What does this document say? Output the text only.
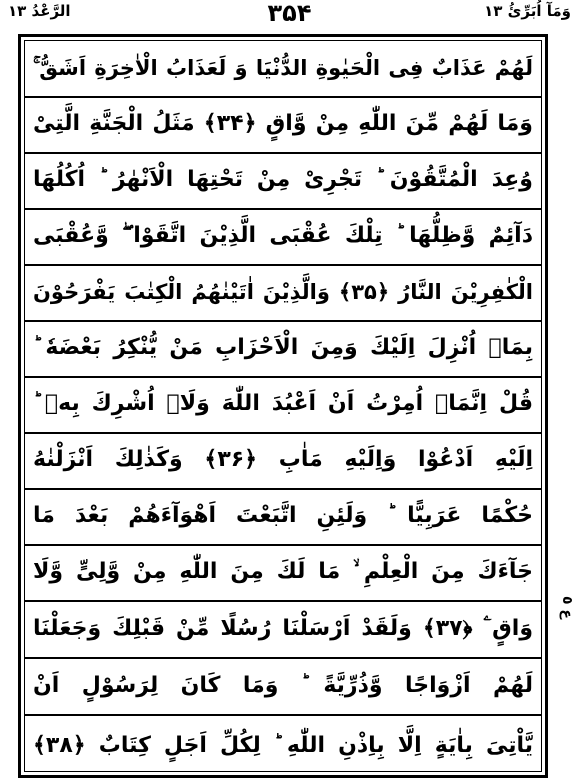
الرَّعْدُ ۱۳	۳۵۴	وَمَآ اُبَرِّئُ ۱۳
لَهُمْ عَذَابٌ فِى الْحَيٰوةِ الدُّنْيَا وَ لَعَذَابُ الْاٰخِرَةِ اَشَقُّ ۚ
وَمَا لَهُمْ مِّنَ اللّٰهِ مِنْ وَّاقٍ ﴿۳۴﴾ مَثَلُ الْجَنَّةِ الَّتِىْ
وُعِدَ الْمُتَّقُوْنَ ؕ تَجْرِىْ مِنْ تَحْتِهَا الْاَنْهٰرُ ؕ اُكُلُهَا
دَآئِمٌ وَّظِلُّهَا ؕ تِلْكَ عُقْبَى الَّذِيْنَ اتَّقَوْا ۖ وَّعُقْبَى
الْكٰفِرِيْنَ النَّارُ ﴿۳۵﴾ وَالَّذِيْنَ اٰتَيْنٰهُمُ الْكِتٰبَ يَفْرَحُوْنَ
بِمَاۤ اُنْزِلَ اِلَيْكَ وَمِنَ الْاَحْزَابِ مَنْ يُّنْكِرُ بَعْضَهٗ ؕ
قُلْ اِنَّمَاۤ اُمِرْتُ اَنْ اَعْبُدَ اللّٰهَ وَلَاۤ اُشْرِكَ بِهٖ ؕ
اِلَيْهِ اَدْعُوْا وَاِلَيْهِ مَاٰبِ ﴿۳۶﴾ وَكَذٰلِكَ اَنْزَلْنٰهُ
حُكْمًا عَرَبِيًّا ؕ وَلَئِنِ اتَّبَعْتَ اَهْوَآءَهُمْ بَعْدَ مَا
جَآءَكَ مِنَ الْعِلْمِ ۙ مَا لَكَ مِنَ اللّٰهِ مِنْ وَّلِىٍّ وَّلَا
وَاقٍ ۧ ﴿۳۷﴾ وَلَقَدْ اَرْسَلْنَا رُسُلًا مِّنْ قَبْلِكَ وَجَعَلْنَا
لَهُمْ اَزْوَاجًا وَّذُرِّيَّةً ؕ وَمَا كَانَ لِرَسُوْلٍ اَنْ
يَّاْتِىَ بِاٰيَةٍ اِلَّا بِاِذْنِ اللّٰهِ ؕ لِكُلِّ اَجَلٍ كِتَابٌ ﴿۳۸﴾
ع ٥
